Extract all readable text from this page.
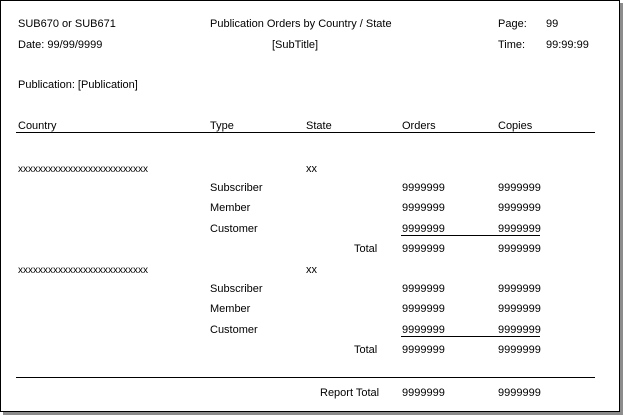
SUB670 or SUB671	Publication Orders by Country / State	Page: 99
Date: 99/99/9999	[SubTitle]	Time: 99:99:99
Publication: [Publication]
Country	Type	State	Orders	Copies
xxxxxxxxxxxxxxxxxxxxxxxxxx	xx
Subscriber	9999999	9999999
Member	9999999	9999999
Customer	9999999	9999999
Total 9999999	9999999
xxxxxxxxxxxxxxxxxxxxxxxxxx	xx
Subscriber	9999999	9999999
Member	9999999	9999999
Customer	9999999	9999999
Total 9999999	9999999
Report Total 9999999	9999999
